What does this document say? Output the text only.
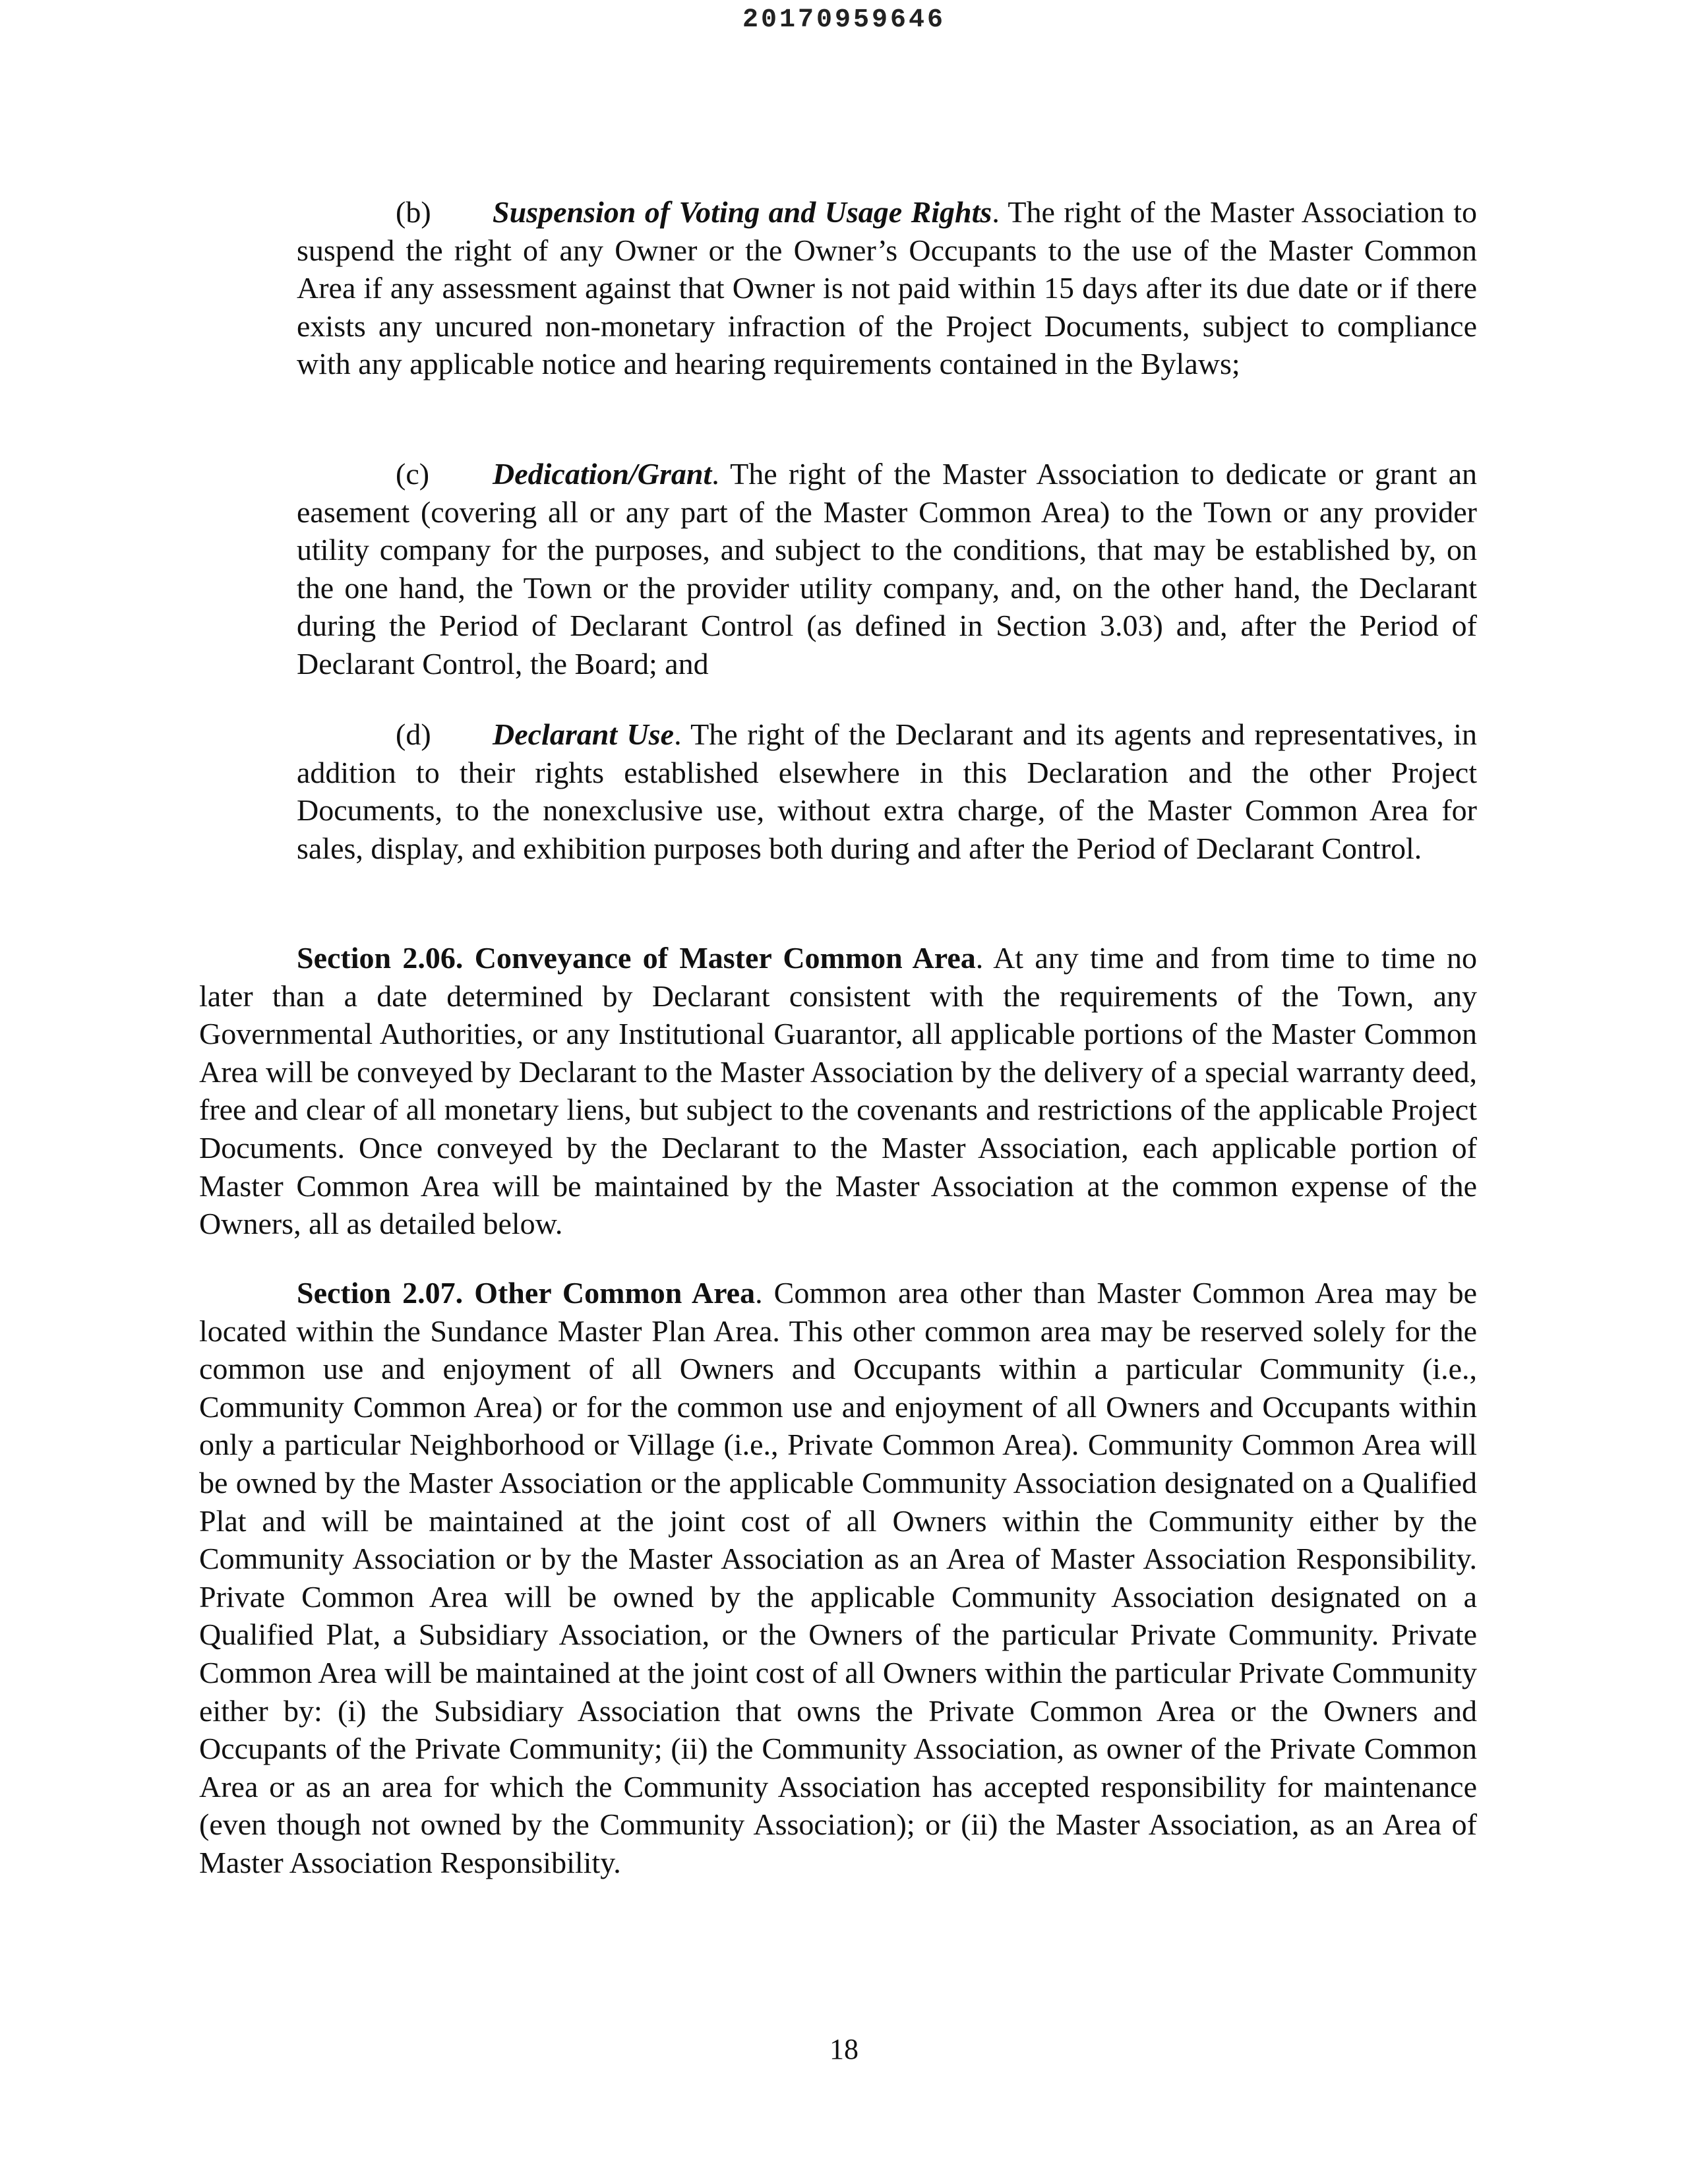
20170959646

(b) Suspension of Voting and Usage Rights. The right of the Master Association to suspend the right of any Owner or the Owner’s Occupants to the use of the Master Common Area if any assessment against that Owner is not paid within 15 days after its due date or if there exists any uncured non-monetary infraction of the Project Documents, subject to compliance with any applicable notice and hearing requirements contained in the Bylaws;

(c) Dedication/Grant. The right of the Master Association to dedicate or grant an easement (covering all or any part of the Master Common Area) to the Town or any provider utility company for the purposes, and subject to the conditions, that may be established by, on the one hand, the Town or the provider utility company, and, on the other hand, the Declarant during the Period of Declarant Control (as defined in Section 3.03) and, after the Period of Declarant Control, the Board; and

(d) Declarant Use. The right of the Declarant and its agents and representatives, in addition to their rights established elsewhere in this Declaration and the other Project Documents, to the nonexclusive use, without extra charge, of the Master Common Area for sales, display, and exhibition purposes both during and after the Period of Declarant Control.

Section 2.06. Conveyance of Master Common Area. At any time and from time to time no later than a date determined by Declarant consistent with the requirements of the Town, any Governmental Authorities, or any Institutional Guarantor, all applicable portions of the Master Common Area will be conveyed by Declarant to the Master Association by the delivery of a special warranty deed, free and clear of all monetary liens, but subject to the covenants and restrictions of the applicable Project Documents. Once conveyed by the Declarant to the Master Association, each applicable portion of Master Common Area will be maintained by the Master Association at the common expense of the Owners, all as detailed below.

Section 2.07. Other Common Area. Common area other than Master Common Area may be located within the Sundance Master Plan Area. This other common area may be reserved solely for the common use and enjoyment of all Owners and Occupants within a particular Community (i.e., Community Common Area) or for the common use and enjoyment of all Owners and Occupants within only a particular Neighborhood or Village (i.e., Private Common Area). Community Common Area will be owned by the Master Association or the applicable Community Association designated on a Qualified Plat and will be maintained at the joint cost of all Owners within the Community either by the Community Association or by the Master Association as an Area of Master Association Responsibility. Private Common Area will be owned by the applicable Community Association designated on a Qualified Plat, a Subsidiary Association, or the Owners of the particular Private Community. Private Common Area will be maintained at the joint cost of all Owners within the particular Private Community either by: (i) the Subsidiary Association that owns the Private Common Area or the Owners and Occupants of the Private Community; (ii) the Community Association, as owner of the Private Common Area or as an area for which the Community Association has accepted responsibility for maintenance (even though not owned by the Community Association); or (ii) the Master Association, as an Area of Master Association Responsibility.

18
